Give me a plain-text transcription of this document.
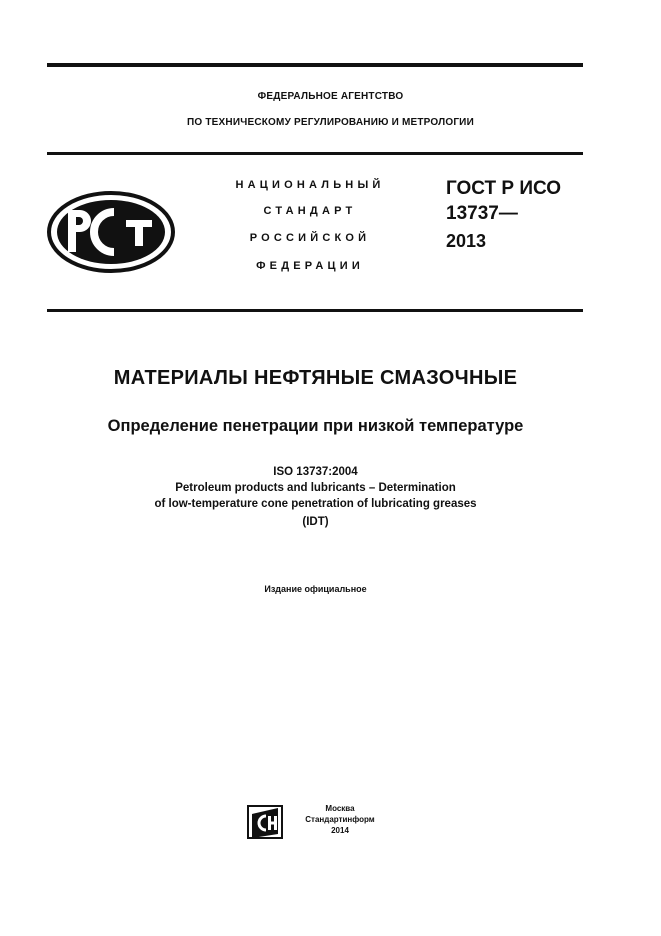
ФЕДЕРАЛЬНОЕ АГЕНТСТВО
ПО ТЕХНИЧЕСКОМУ РЕГУЛИРОВАНИЮ И МЕТРОЛОГИИ
НАЦИОНАЛЬНЫЙ
СТАНДАРТ
РОССИЙСКОЙ
ФЕДЕРАЦИИ
ГОСТ Р ИСО
13737—
2013
МАТЕРИАЛЫ НЕФТЯНЫЕ СМАЗОЧНЫЕ
Определение пенетрации при низкой температуре
ISO 13737:2004
Petroleum products and lubricants – Determination
of low-temperature cone penetration of lubricating greases
(IDT)
Издание официальное
Москва
Стандартинформ
2014
